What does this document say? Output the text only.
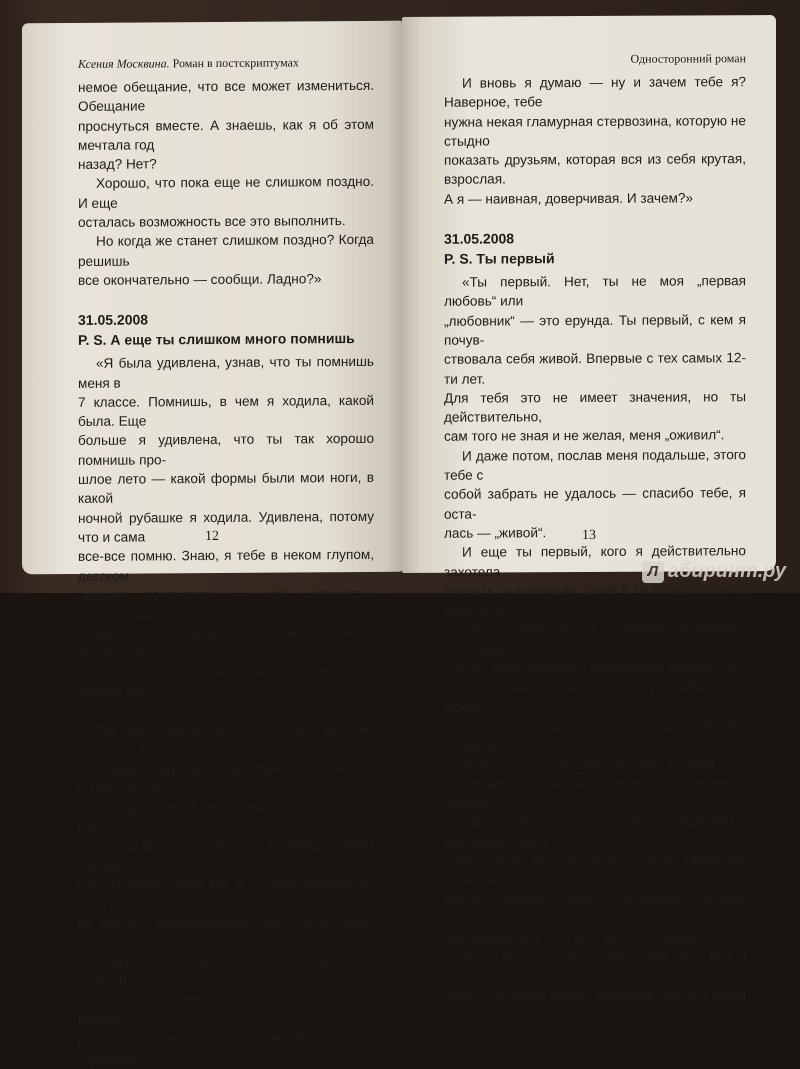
Ксения Москвина. Роман в постскриптумах

немое обещание, что все может измениться. Обещание
проснуться вместе. А знаешь, как я об этом мечтала год
назад? Нет?

Хорошо, что пока еще не слишком поздно. И еще
осталась возможность все это выполнить.

Но когда же станет слишком поздно? Когда решишь
все окончательно — сообщи. Ладно?»

31.05.2008
P. S. А еще ты слишком много помнишь

«Я была удивлена, узнав, что ты помнишь меня в
7 классе. Помнишь, в чем я ходила, какой была. Еще
больше я удивлена, что ты так хорошо помнишь про-
шлое лето — какой формы были мои ноги, в какой
ночной рубашке я ходила. Удивлена, потому что и сама
все-все помню. Знаю, я тебе в неком глупом, детском
порыве романтики — нет, нежности, выбалтывала
секрет. И продолжаю выбалтывать. Примечательно,
что в ответ я о тебе знаю слишком мало. Хотела бы
больше.

Как же я виню себя за глупые детские глупости, вы-
болтанные под год назад. Вернее, я виню это в том, что слу-
чилось дальше. Я неустанно повторяла весь год —
„вот если бы не этот бред...“. И правда, зачем такому
как ты была такая как я — забывающая от тебя все
на свете и посвящающая тебе стихи. Бред-бред-бред.

Теперь я не такая. Но стихи еще пишу, слава Богу, не
о тебе. И я все еще не утратила способности раство-
ряться в любви — хоть и не раз от этого страдала.

12
Односторонний роман

И вновь я думаю — ну и зачем тебе я? Наверное, тебе
нужна некая гламурная стервозина, которую не стыдно
показать друзьям, которая вся из себя крутая, взрослая.
А я — наивная, доверчивая. И зачем?»

31.05.2008
P. S. Ты первый

«Ты первый. Нет, ты не моя „первая любовь“ или
„любовник“ — это ерунда. Ты первый, с кем я почув-
ствовала себя живой. Впервые с тех самых 12-ти лет.
Для тебя это не имеет значения, но ты действительно,
сам того не зная и не желая, меня „оживил“.

И даже потом, послав меня подальше, этого тебе с
собой забрать не удалось — спасибо тебе, я оста-
лась — „живой“.

И еще ты первый, кого я действительно захотела
сделать счастливым. Даже в то прошлое лето, когда все
пошло наперекосяк, я пыталась оправдать твои недо-
статки, твои реакции и умудрялась смириться с
недостатками. (Теперь, спустя, я знаю, что можно
даже недостатки обратить в достоинства. Когда любишь
— любишь все: хорошее и плохое. С ними
миришься и перестаешь видеть в этом нечто отрица-
тельное.) Я хотела помочь, поддержать, выслушать, дать
тебе любовь. Хотела научиться быть такой, как тебе нра-
вится: сделать тебя счастливее. Хотела научиться в
последний для тебя раз, как тебе нравится.

А оказалась — игрушкой? Или нет? Вот и те-
перь — я готова носить красивое белье и чулки ночью

13
Л абиринт.ру
